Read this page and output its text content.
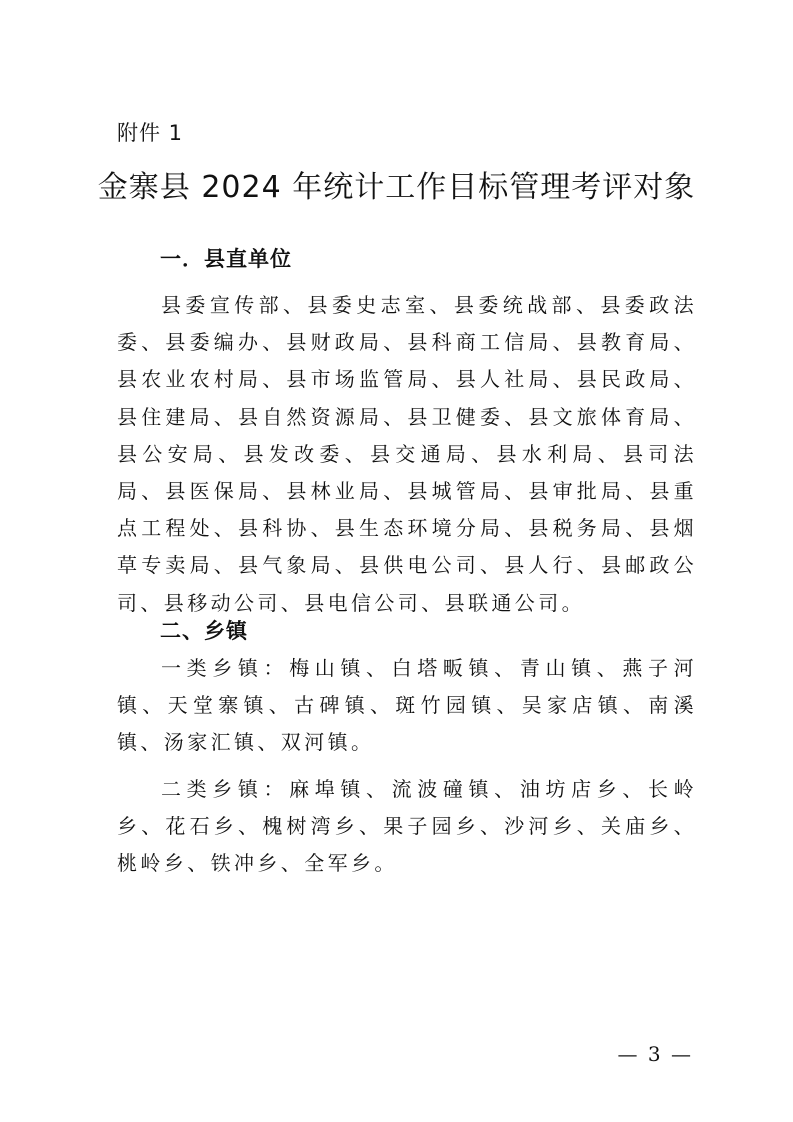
附件 1
金寨县 2024 年统计工作目标管理考评对象
一．县直单位

县委宣传部、县委史志室、县委统战部、县委政法委、县委编办、县财政局、县科商工信局、县教育局、县农业农村局、县市场监管局、县人社局、县民政局、县住建局、县自然资源局、县卫健委、县文旅体育局、县公安局、县发改委、县交通局、县水利局、县司法局、县医保局、县林业局、县城管局、县审批局、县重点工程处、县科协、县生态环境分局、县税务局、县烟草专卖局、县气象局、县供电公司、县人行、县邮政公司、县移动公司、县电信公司、县联通公司。

二、乡镇

一类乡镇：梅山镇、白塔畈镇、青山镇、燕子河镇、天堂寨镇、古碑镇、斑竹园镇、吴家店镇、南溪镇、汤家汇镇、双河镇。

二类乡镇：麻埠镇、流波䃥镇、油坊店乡、长岭乡、花石乡、槐树湾乡、果子园乡、沙河乡、关庙乡、桃岭乡、铁冲乡、全军乡。

— 3 —
